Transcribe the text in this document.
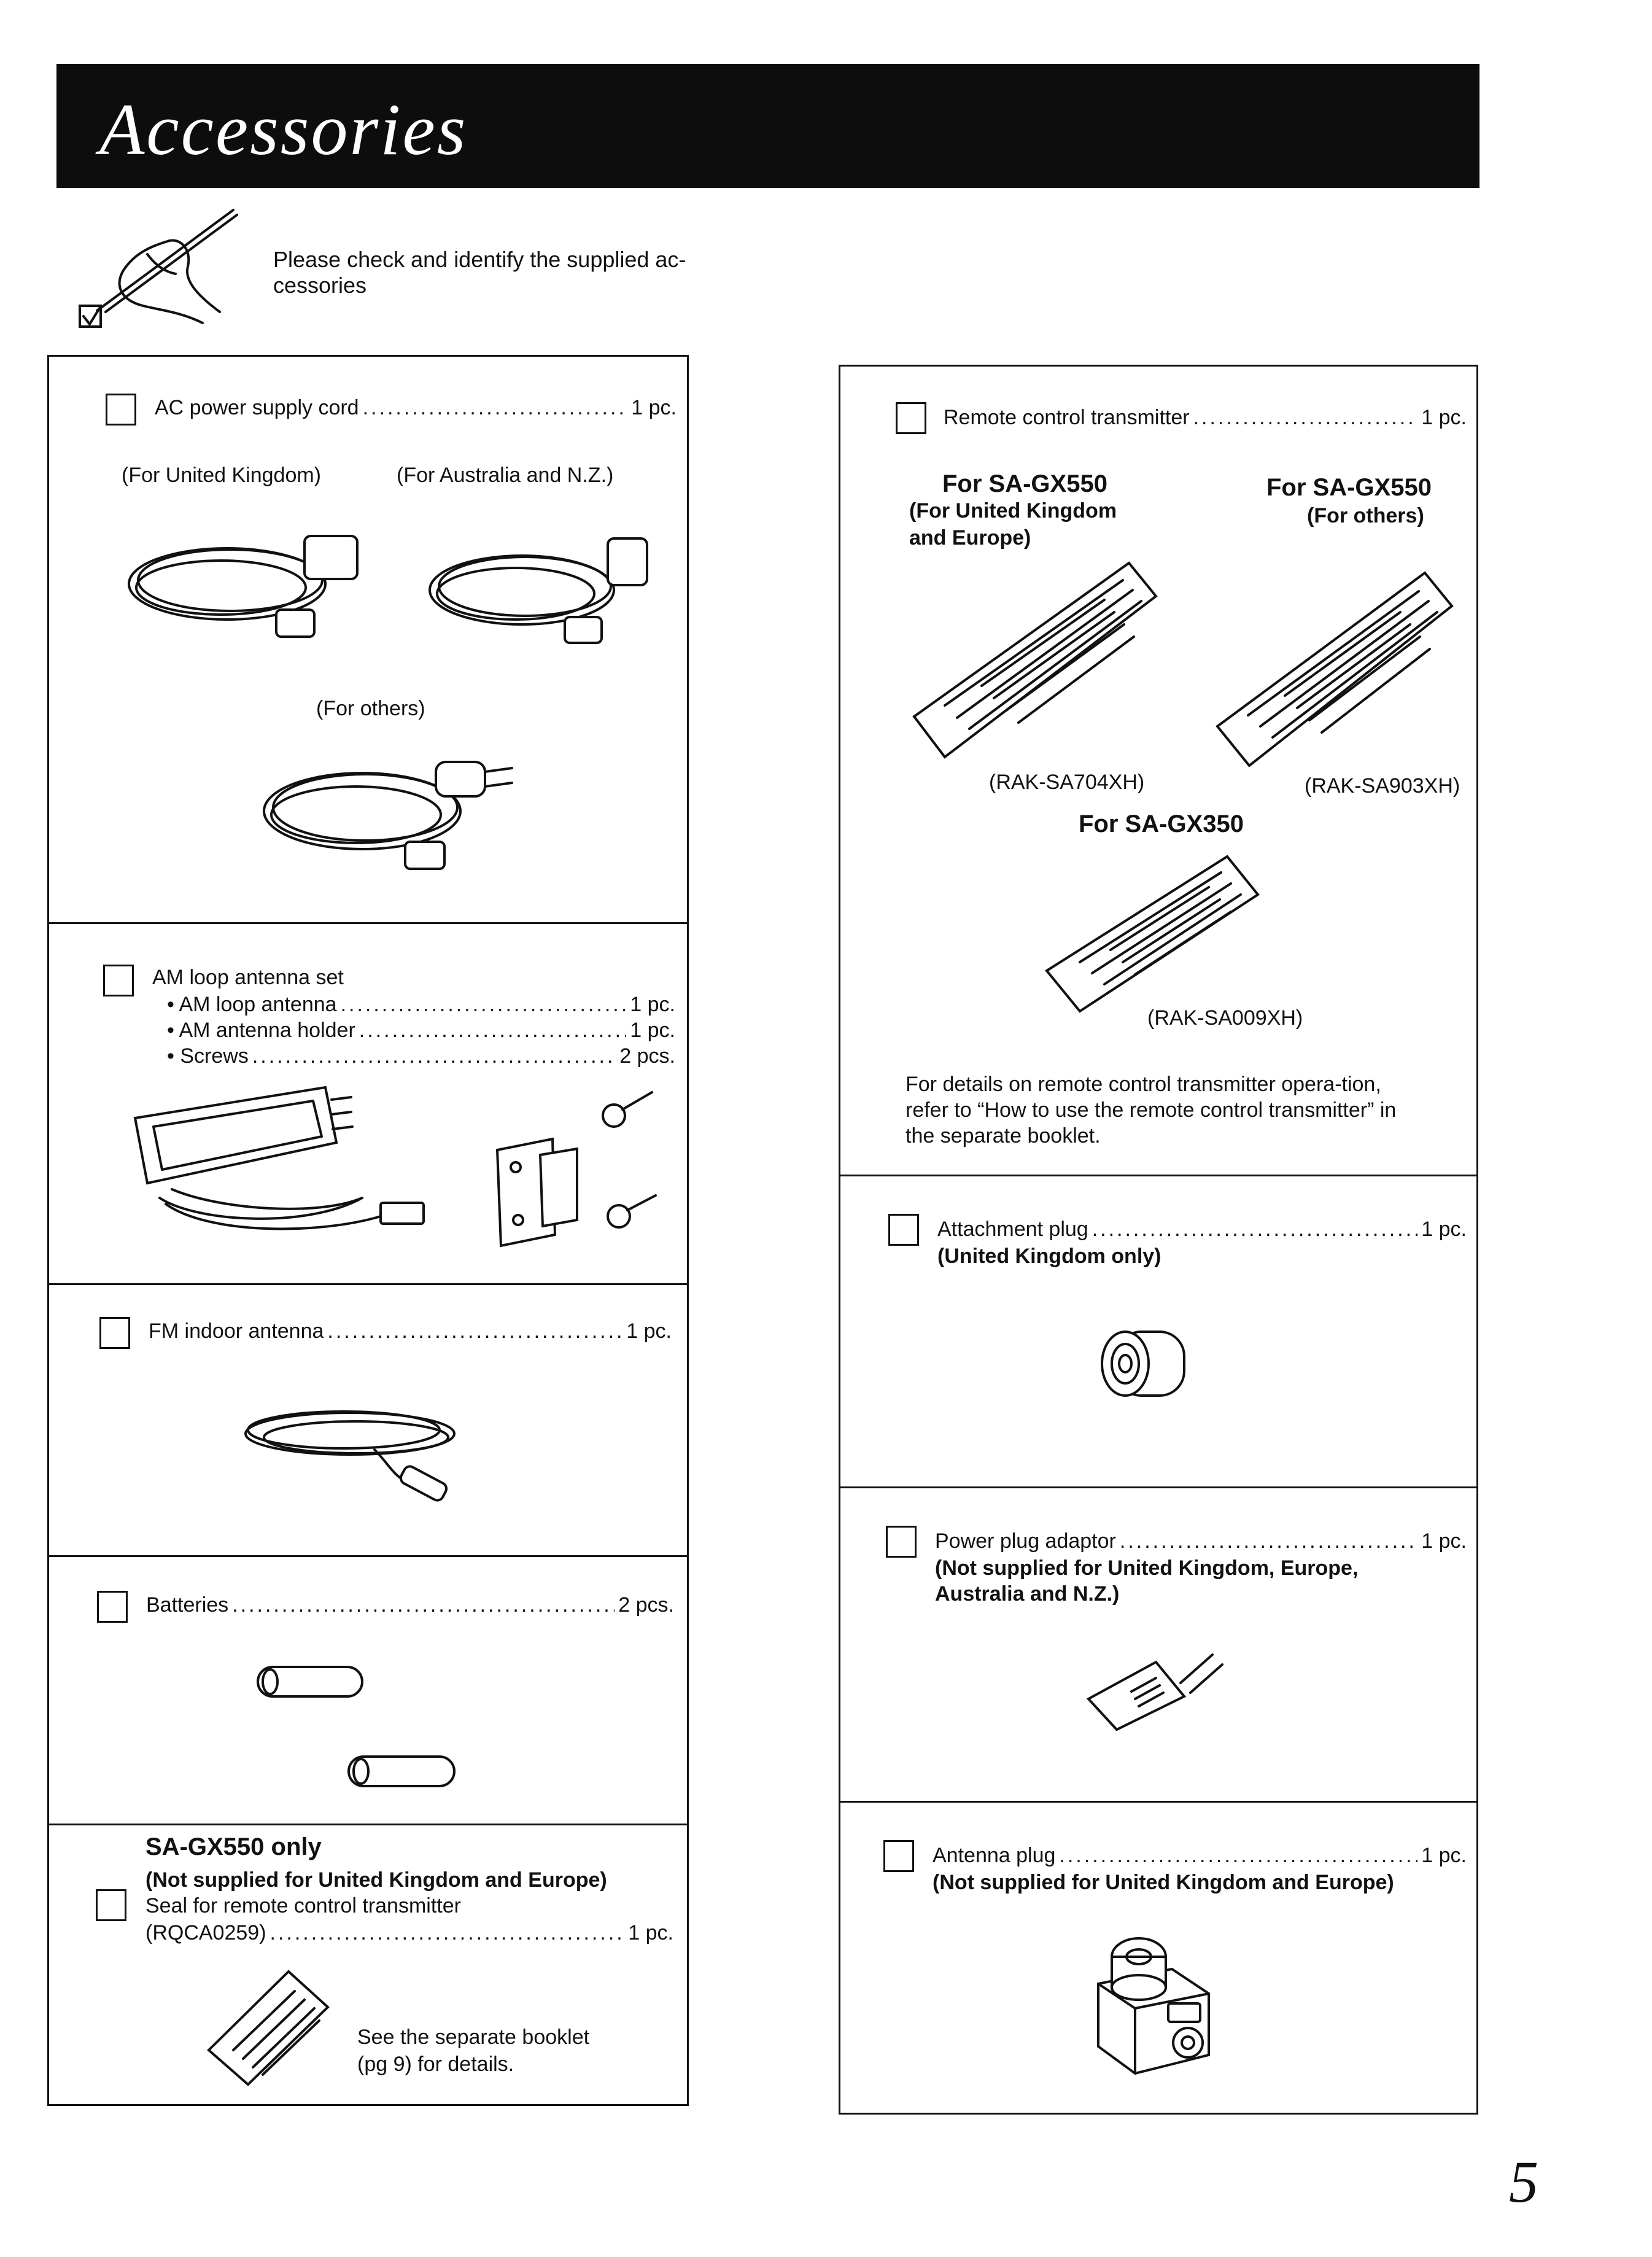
Accessories
Please check and identify the supplied ac-cessories
AC power supply cord .....	1 pc.
(For United Kingdom)	(For Australia and N.Z.)
(For others)
AM loop antenna set
• AM loop antenna .....	1 pc.
• AM antenna holder .....	1 pc.
• Screws .....	2 pcs.
FM indoor antenna .....	1 pc.
Batteries .....	2 pcs.
SA-GX550 only
(Not supplied for United Kingdom and Europe)
Seal for remote control transmitter
(RQCA0259) .....	1 pc.
See the separate booklet
(pg 9) for details.
Remote control transmitter .....	1 pc.
For SA-GX550
(For United Kingdom
and Europe)
For SA-GX550
(For others)
(RAK-SA704XH)	(RAK-SA903XH)
For SA-GX350
(RAK-SA009XH)
For details on remote control transmitter opera-tion, refer to “How to use the remote control transmitter” in the separate booklet.
Attachment plug .....	1 pc.
(United Kingdom only)
Power plug adaptor .....	1 pc.
(Not supplied for United Kingdom, Europe, Australia and N.Z.)
Antenna plug .....	1 pc.
(Not supplied for United Kingdom and Europe)
5
